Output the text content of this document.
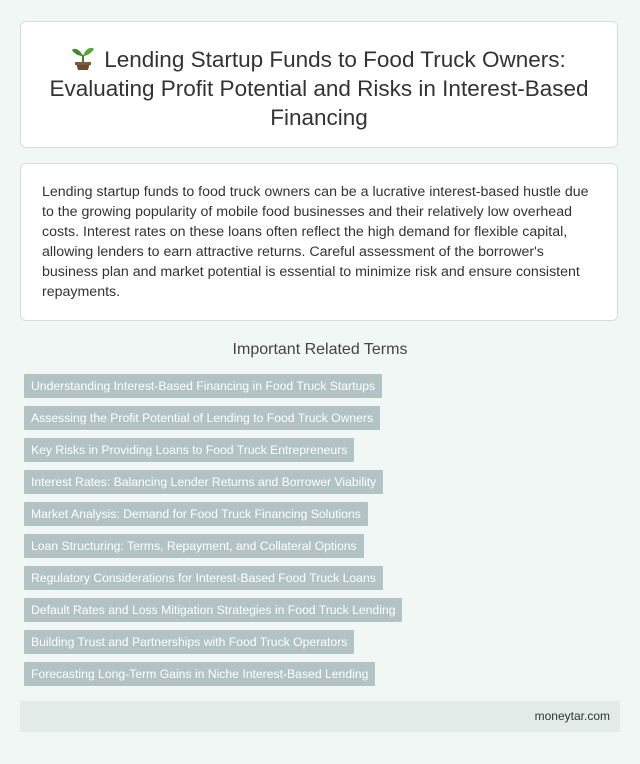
Lending Startup Funds to Food Truck Owners: Evaluating Profit Potential and Risks in Interest-Based Financing

Lending startup funds to food truck owners can be a lucrative interest-based hustle due to the growing popularity of mobile food businesses and their relatively low overhead costs. Interest rates on these loans often reflect the high demand for flexible capital, allowing lenders to earn attractive returns. Careful assessment of the borrower's business plan and market potential is essential to minimize risk and ensure consistent repayments.

Important Related Terms
Understanding Interest-Based Financing in Food Truck Startups
Assessing the Profit Potential of Lending to Food Truck Owners
Key Risks in Providing Loans to Food Truck Entrepreneurs
Interest Rates: Balancing Lender Returns and Borrower Viability
Market Analysis: Demand for Food Truck Financing Solutions
Loan Structuring: Terms, Repayment, and Collateral Options
Regulatory Considerations for Interest-Based Food Truck Loans
Default Rates and Loss Mitigation Strategies in Food Truck Lending
Building Trust and Partnerships with Food Truck Operators
Forecasting Long-Term Gains in Niche Interest-Based Lending
moneytar.com
